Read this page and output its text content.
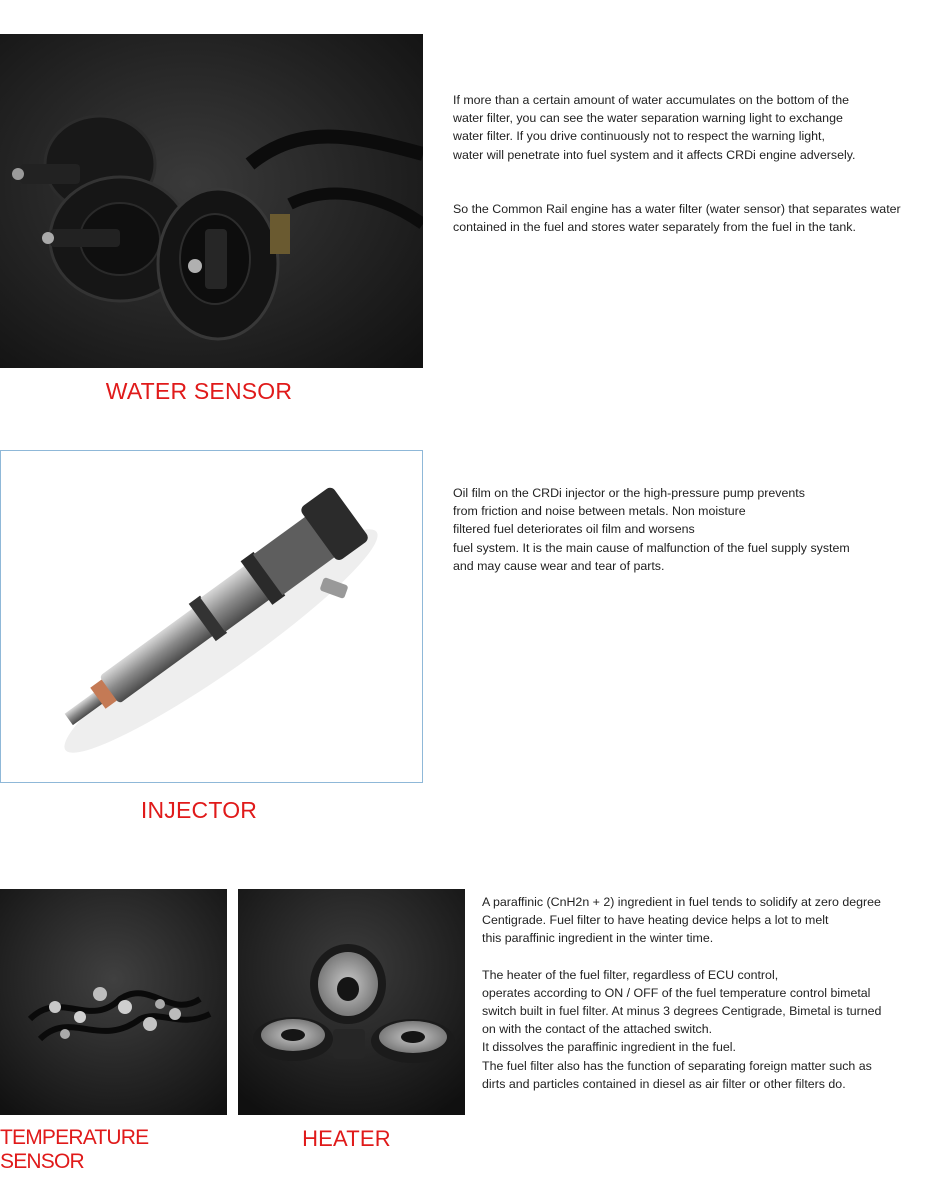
WATER SENSOR

If more than a certain amount of water accumulates on the bottom of the

water filter, you can see the water separation warning light to exchange

water filter. If you drive continuously not to respect the warning light,

water will penetrate into fuel system and it affects CRDi engine adversely.

So the Common Rail engine has a water filter (water sensor) that separates water

contained in the fuel and stores water separately from the fuel in the tank.

INJECTOR

Oil film on the CRDi injector or the high-pressure pump prevents

from friction and noise between metals. Non moisture

filtered fuel deteriorates oil film and worsens

fuel system. It is the main cause of malfunction of the fuel supply system

and may cause wear and tear of parts.

TEMPERATURE SENSOR
HEATER

A paraffinic (CnH2n + 2) ingredient in fuel tends to solidify at zero degree

Centigrade. Fuel filter to have heating device helps a lot to melt

this paraffinic ingredient in the winter time.

The heater of the fuel filter, regardless of ECU control,

operates according to ON / OFF of the fuel temperature control bimetal

switch built in fuel filter. At minus 3 degrees Centigrade, Bimetal is turned

on with the contact of the attached switch.

It dissolves the paraffinic ingredient in the fuel.

The fuel filter also has the function of separating foreign matter such as

dirts and particles contained in diesel as air filter or other filters do.
